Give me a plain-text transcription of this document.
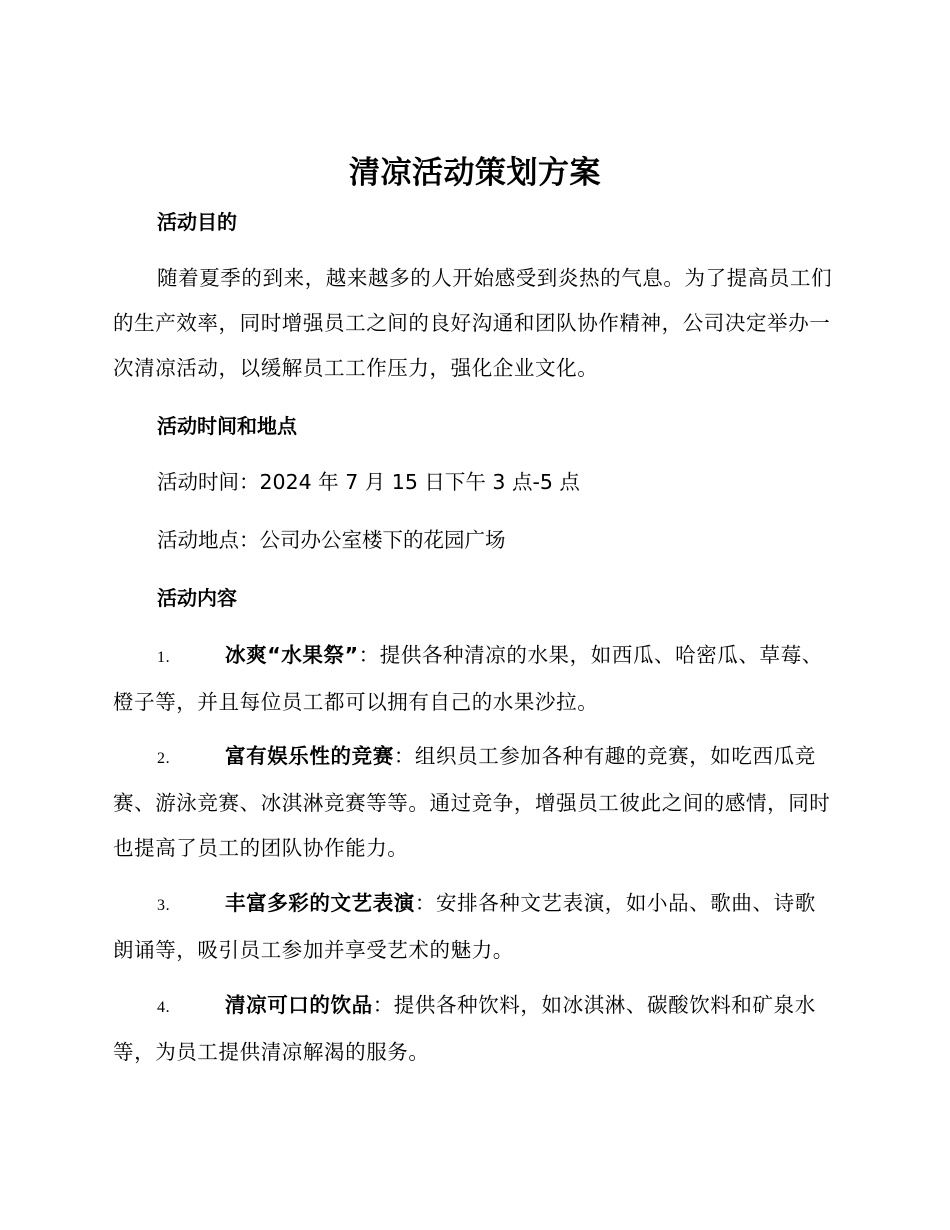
清凉活动策划方案

活动目的

随着夏季的到来，越来越多的人开始感受到炎热的气息。为了提高员工们的生产效率，同时增强员工之间的良好沟通和团队协作精神，公司决定举办一次清凉活动，以缓解员工工作压力，强化企业文化。

活动时间和地点

活动时间：2024 年 7 月 15 日下午 3 点-5 点

活动地点：公司办公室楼下的花园广场

活动内容

1.	冰爽“水果祭”：提供各种清凉的水果，如西瓜、哈密瓜、草莓、橙子等，并且每位员工都可以拥有自己的水果沙拉。

2.	富有娱乐性的竞赛：组织员工参加各种有趣的竞赛，如吃西瓜竞赛、游泳竞赛、冰淇淋竞赛等等。通过竞争，增强员工彼此之间的感情，同时也提高了员工的团队协作能力。

3.	丰富多彩的文艺表演：安排各种文艺表演，如小品、歌曲、诗歌朗诵等，吸引员工参加并享受艺术的魅力。

4.	清凉可口的饮品：提供各种饮料，如冰淇淋、碳酸饮料和矿泉水等，为员工提供清凉解渴的服务。
